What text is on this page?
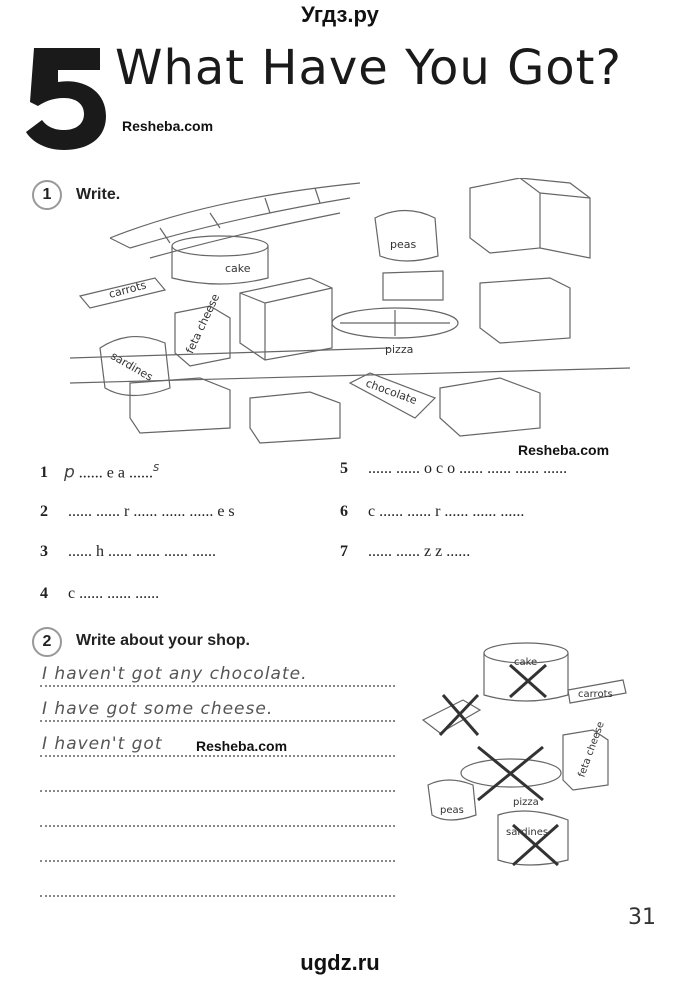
Угдз.ру
What Have You Got?
Resheba.com
1	Write.
cake
carrots
sardines
feta cheese
peas
pizza
chocolate
Resheba.com
1 p ...... e a ......$^s$
2 ...... ...... r ...... ...... ...... e s
3 ...... h ...... ...... ...... ......
4 c ...... ...... ......
5 ...... ...... o c o ...... ...... ...... ......
6 c ...... ...... r ...... ...... ......
7 ...... ...... z z ......
2	Write about your shop.
I haven't got any chocolate.
I have got some cheese.
I haven't got Resheba.com
cake
carrots
feta cheese
peas
pizza
sardines
31
ugdz.ru
